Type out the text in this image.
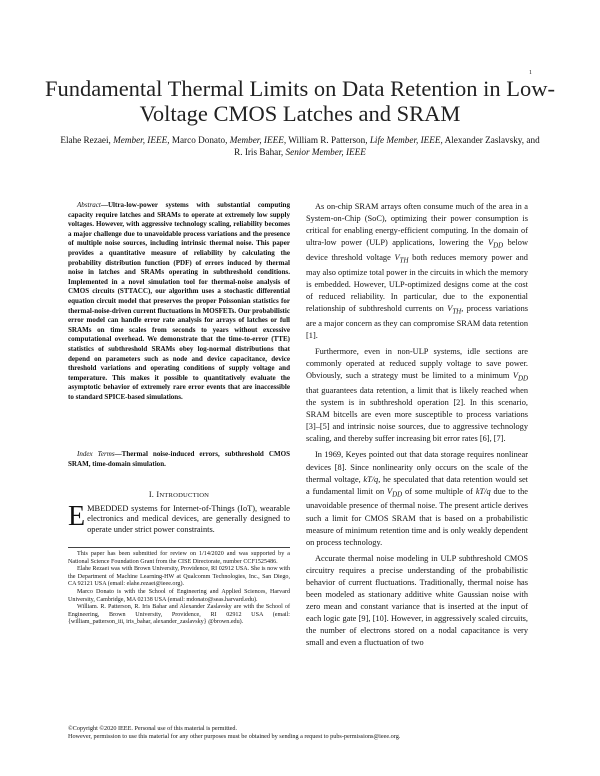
1
Fundamental Thermal Limits on Data Retention in Low-Voltage CMOS Latches and SRAM
Elahe Rezaei, Member, IEEE, Marco Donato, Member, IEEE, William R. Patterson, Life Member, IEEE, Alexander Zaslavsky, and R. Iris Bahar, Senior Member, IEEE
Abstract—Ultra-low-power systems with substantial computing capacity require latches and SRAMs to operate at extremely low supply voltages. However, with aggressive technology scaling, reliability becomes a major challenge due to unavoidable process variations and the presence of multiple noise sources, including intrinsic thermal noise. This paper provides a quantitative measure of reliability by calculating the probability distribution function (PDF) of errors induced by thermal noise in latches and SRAMs operating in subthreshold conditions. Implemented in a novel simulation tool for thermal-noise analysis of CMOS circuits (STTACC), our algorithm uses a stochastic differential equation circuit model that preserves the proper Poissonian statistics for thermal-noise-driven current fluctuations in MOSFETs. Our probabilistic error model can handle error rate analysis for arrays of latches or full SRAMs on time scales from seconds to years without excessive computational overhead. We demonstrate that the time-to-error (TTE) statistics of subthreshold SRAMs obey log-normal distributions that depend on parameters such as node and device capacitance, device threshold variations and operating conditions of supply voltage and temperature. This makes it possible to quantitatively evaluate the asymptotic behavior of extremely rare error events that are inaccessible to standard SPICE-based simulations.
Index Terms—Thermal noise-induced errors, subthreshold CMOS SRAM, time-domain simulation.
I. INTRODUCTION
EMBEDDED systems for Internet-of-Things (IoT), wearable electronics and medical devices, are generally designed to operate under strict power constraints.
This paper has been submitted for review on 1/14/2020 and was supported by a National Science Foundation Grant from the CISE Directorate, number CCF1525486.
Elahe Rezaei was with Brown University, Providence, RI 02912 USA. She is now with the Department of Machine Learning-HW at Qualcomm Technologies, Inc., San Diego, CA 92121 USA (email: elahe.rezaei@ieee.org).
Marco Donato is with the School of Engineering and Applied Sciences, Harvard University, Cambridge, MA 02138 USA (email: mdonato@seas.harvard.edu).
William. R. Patterson, R. Iris Bahar and Alexander Zaslavsky are with the School of Engineering, Brown University, Providence, RI 02912 USA (email: {william_patterson_iii, iris_bahar, alexander_zaslavsky} @brown.edu).
As on-chip SRAM arrays often consume much of the area in a System-on-Chip (SoC), optimizing their power consumption is critical for enabling energy-efficient computing. In the domain of ultra-low power (ULP) applications, lowering the $V_{DD}$ below device threshold voltage $V_{TH}$ both reduces memory power and may also optimize total power in the circuits in which the memory is embedded. However, ULP-optimized designs come at the cost of reduced reliability. In particular, due to the exponential relationship of subthreshold currents on $V_{TH}$, process variations are a major concern as they can compromise SRAM data retention [1].
Furthermore, even in non-ULP systems, idle sections are commonly operated at reduced supply voltage to save power. Obviously, such a strategy must be limited to a minimum $V_{DD}$ that guarantees data retention, a limit that is likely reached when the system is in subthreshold operation [2]. In this scenario, SRAM bitcells are even more susceptible to process variations [3]–[5] and intrinsic noise sources, due to aggressive technology scaling, and thereby suffer increasing bit error rates [6], [7].
In 1969, Keyes pointed out that data storage requires nonlinear devices [8]. Since nonlinearity only occurs on the scale of the thermal voltage, kT/q, he speculated that data retention would set a fundamental limit on $V_{DD}$ of some multiple of kT/q due to the unavoidable presence of thermal noise. The present article derives such a limit for CMOS SRAM that is based on a probabilistic measure of minimum retention time and is only weakly dependent on process technology.
Accurate thermal noise modeling in ULP subthreshold CMOS circuitry requires a precise understanding of the probabilistic behavior of current fluctuations. Traditionally, thermal noise has been modeled as stationary additive white Gaussian noise with zero mean and constant variance that is inserted at the input of each logic gate [9], [10]. However, in aggressively scaled circuits, the number of electrons stored on a nodal capacitance is very small and even a fluctuation of two
©Copyright ©2020 IEEE. Personal use of this material is permitted.
However, permission to use this material for any other purposes must be obtained by sending a request to pubs-permissions@ieee.org.
